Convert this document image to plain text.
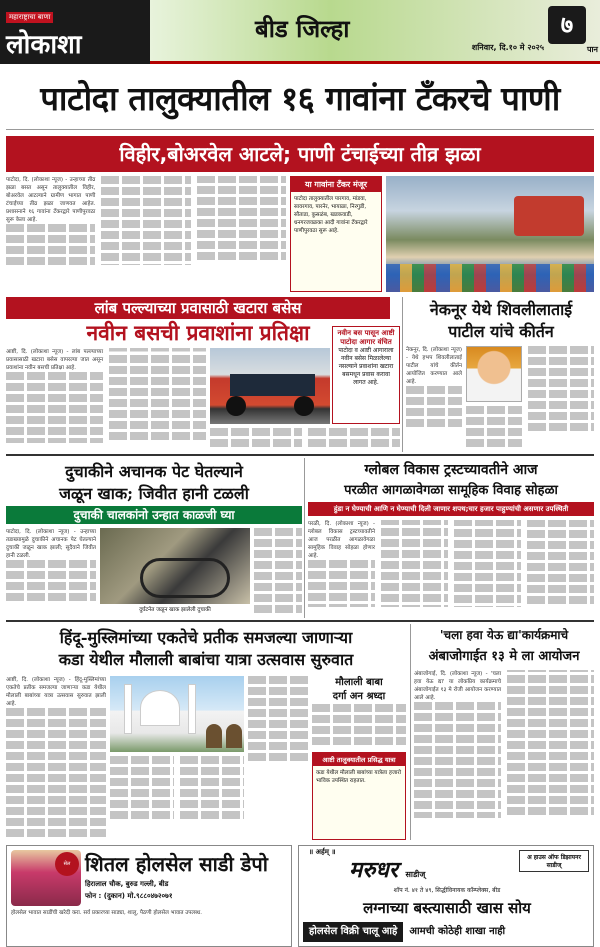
महाराष्ट्राचा बाणा
लोकाशा
बीड जिल्हा
शनिवार, दि.१० मे २०२५
७
पान
पाटोदा तालुक्यातील १६ गावांना टँकरचे पाणी
विहीर,बोअरवेल आटले; पाणी टंचाईच्या तीव्र झळा
पाटोदा, दि. (लोकाशा न्यूज) - उन्हाच्या तीव्र झळा बसत असून तालुक्यातील विहीर, बोअरवेल आटल्याने ग्रामीण भागात पाणी टंचाईच्या तीव्र झळा जाणवत आहेत. प्रशासनाने १६ गावांना टँकरद्वारे पाणीपुरवठा सुरू केला आहे.
या गावांना टँकर मंजूर
पाटोदा तालुक्यातील पारगाव, मांडवा, सावरगाव, पारनेर, भायाळा, निरगुडी, सौताडा, कुसळंब, खडकवाडी, धनगरजवळका आदी गावांना टँकरद्वारे पाणीपुरवठा सुरू आहे.
लांब पल्ल्याच्या प्रवासाठी खटारा बसेस
नवीन बसची प्रवाशांना प्रतिक्षा
आष्टी, दि. (लोकाशा न्यूज) - लांब पल्ल्याच्या प्रवासासाठी खटारा बसेस वापरल्या जात असून प्रवाशांना नवीन बसची प्रतिक्षा आहे.
नवीन बस पासून आष्टी पाटोदा आगार वंचित
पाटोदा व आष्टी आगाराला नवीन बसेस मिळालेल्या नसल्याने प्रवाशांना खटारा बसमधून प्रवास करावा लागत आहे.
नेकनूर येथे शिवलीलाताई
पाटील यांचे कीर्तन
नेकनूर, दि. (लोकाशा न्यूज) - येथे हभप शिवलीलाताई पाटील यांचे कीर्तन आयोजित करण्यात आले आहे.
दुचाकीने अचानक पेट घेतल्याने
जळून खाक; जिवीत हानी टळली
दुचाकी चालकांनो उन्हात काळजी घ्या
पाटोदा, दि. (लोकाशा न्यूज) - उन्हाच्या तडाख्यामुळे दुचाकीने अचानक पेट घेतल्याने दुचाकी जळून खाक झाली; सुदैवाने जिवीत हानी टळली.
दुर्घटनेत जळून खाक झालेली दुचाकी
ग्लोबल विकास ट्रस्टच्यावतीने आज
परळीत आगळावेगळा सामूहिक विवाह सोहळा
हुंडा न घेण्याची आणि न घेण्याची दिली जाणार शपथ;चार हजार पाहुण्यांची असणार उपस्थिती
परळी, दि. (लोकाशा न्यूज) - ग्लोबल विकास ट्रस्टच्यावतीने आज परळीत आगळावेगळा सामूहिक विवाह सोहळा होणार आहे.
हिंदू-मुस्लिमांच्या एकतेचे प्रतीक समजल्या जाणाऱ्या
कडा येथील मौलाली बाबांचा यात्रा उत्सवास सुरुवात
आष्टी, दि. (लोकाशा न्यूज) - हिंदू-मुस्लिमांच्या एकतेचे प्रतीक समजल्या जाणाऱ्या कडा येथील मौलाली बाबांच्या यात्रा उत्सवास सुरुवात झाली आहे.
मौलाली बाबा
दर्गा अन श्रध्दा
आष्टी तालुक्यातील प्रसिद्ध यात्रा
कडा येथील मौलाली बाबांच्या यात्रेला हजारो भाविक उपस्थित राहतात.
'चला हवा येऊ द्या'कार्यक्रमाचे
अंबाजोगाईत १३ मे ला आयोजन
अंबाजोगाई, दि. (लोकाशा न्यूज) - 'चला हवा येऊ द्या' या लोकप्रिय कार्यक्रमाचे अंबाजोगाईत १३ मे रोजी आयोजन करण्यात आले आहे.
सेल शितल होलसेल साडी डेपो
हिरालाल चौक, बुरुड गल्ली, बीड
फोन : (दुकान) मो.९८८०४७२०७१
होलसेल भावात साडींची खरेदी करा. सर्व प्रकारच्या साड्या, शालू, पैठणी होलसेल भावात उपलब्ध.
॥ अर्हम् ॥
मरुधर साडीज्
अ हाउस ऑफ डिझायनर साडीज्
शॉप नं. ४१ ते ४९, सिद्धीविनायक कॉम्प्लेक्स, बीड
लग्नाच्या बस्त्यासाठी खास सोय
होलसेल विक्री चालू आहे	आमची कोठेही शाखा नाही
